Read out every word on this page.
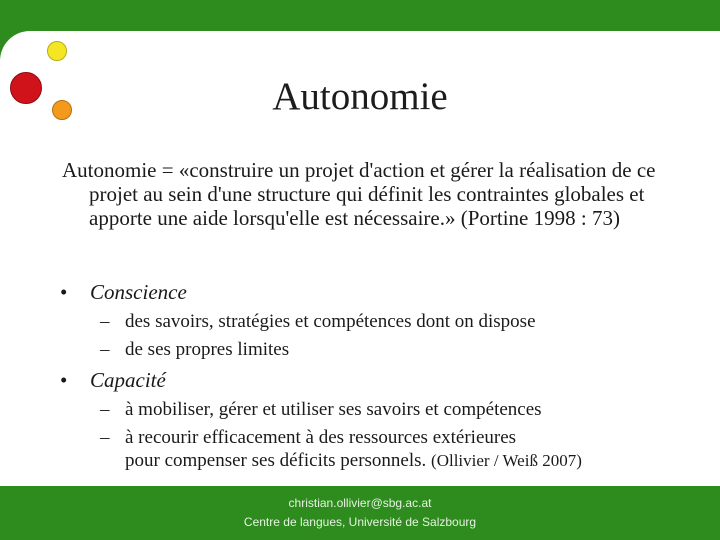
Autonomie
Autonomie = «construire un projet d'action et gérer la réalisation de ce projet au sein d'une structure qui définit les contraintes globales et apporte une aide lorsqu'elle est nécessaire.» (Portine 1998 : 73)
• Conscience
– des savoirs, stratégies et compétences dont on dispose
– de ses propres limites
• Capacité
– à mobiliser, gérer et utiliser ses savoirs et compétences
– à recourir efficacement à des ressources extérieures
pour compenser ses déficits personnels. (Ollivier / Weiß 2007)
christian.ollivier@sbg.ac.at
Centre de langues, Université de Salzbourg
